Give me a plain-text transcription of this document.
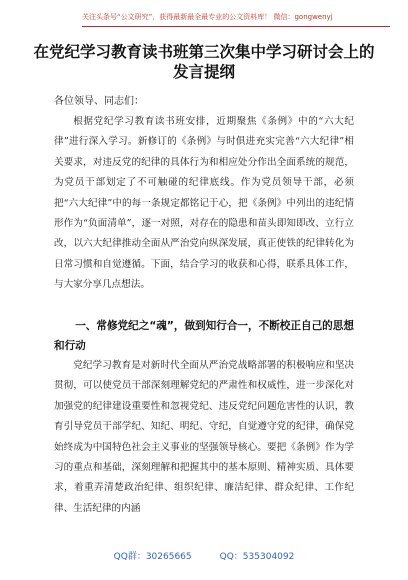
关注头条号“公文研究”，获得最新最全最专业的公文资料库！ 微信：gongwenyj
在党纪学习教育读书班第三次集中学习研讨会上的发言提纲

各位领导、同志们：

根据党纪学习教育读书班安排，近期聚焦《条例》中的“六大纪律”进行深入学习。新修订的《条例》与时俱进充实完善“六大纪律”相关要求，对违反党的纪律的具体行为和相应处分作出全面系统的规范，为党员干部划定了不可触碰的纪律底线。作为党员领导干部，必须把“六大纪律”中的每一条规定都铭记于心，把《条例》中列出的违纪情形作为“负面清单”，逐一对照，对存在的隐患和苗头即知即改、立行立改，以六大纪律推动全面从严治党向纵深发展，真正使铁的纪律转化为日常习惯和自觉遵循。下面，结合学习的收获和心得，联系具体工作，与大家分享几点想法。

一、常修党纪之“魂”，做到知行合一，不断校正自己的思想和行动

党纪学习教育是对新时代全面从严治党战略部署的积极响应和坚决贯彻，可以使党员干部深刻理解党纪的严肃性和权威性，进一步深化对加强党的纪律建设重要性和忽视党纪、违反党纪问题危害性的认识，教育引导党员干部学纪、知纪、明纪、守纪，自觉遵守党的纪律，确保党始终成为中国特色社会主义事业的坚强领导核心。要把《条例》作为学习的重点和基础，深刻理解和把握其中的基本原则、精神实质、具体要求，着重弄清楚政治纪律、组织纪律、廉洁纪律、群众纪律、工作纪律、生活纪律的内涵

QQ群：30265665	QQ：535304092
